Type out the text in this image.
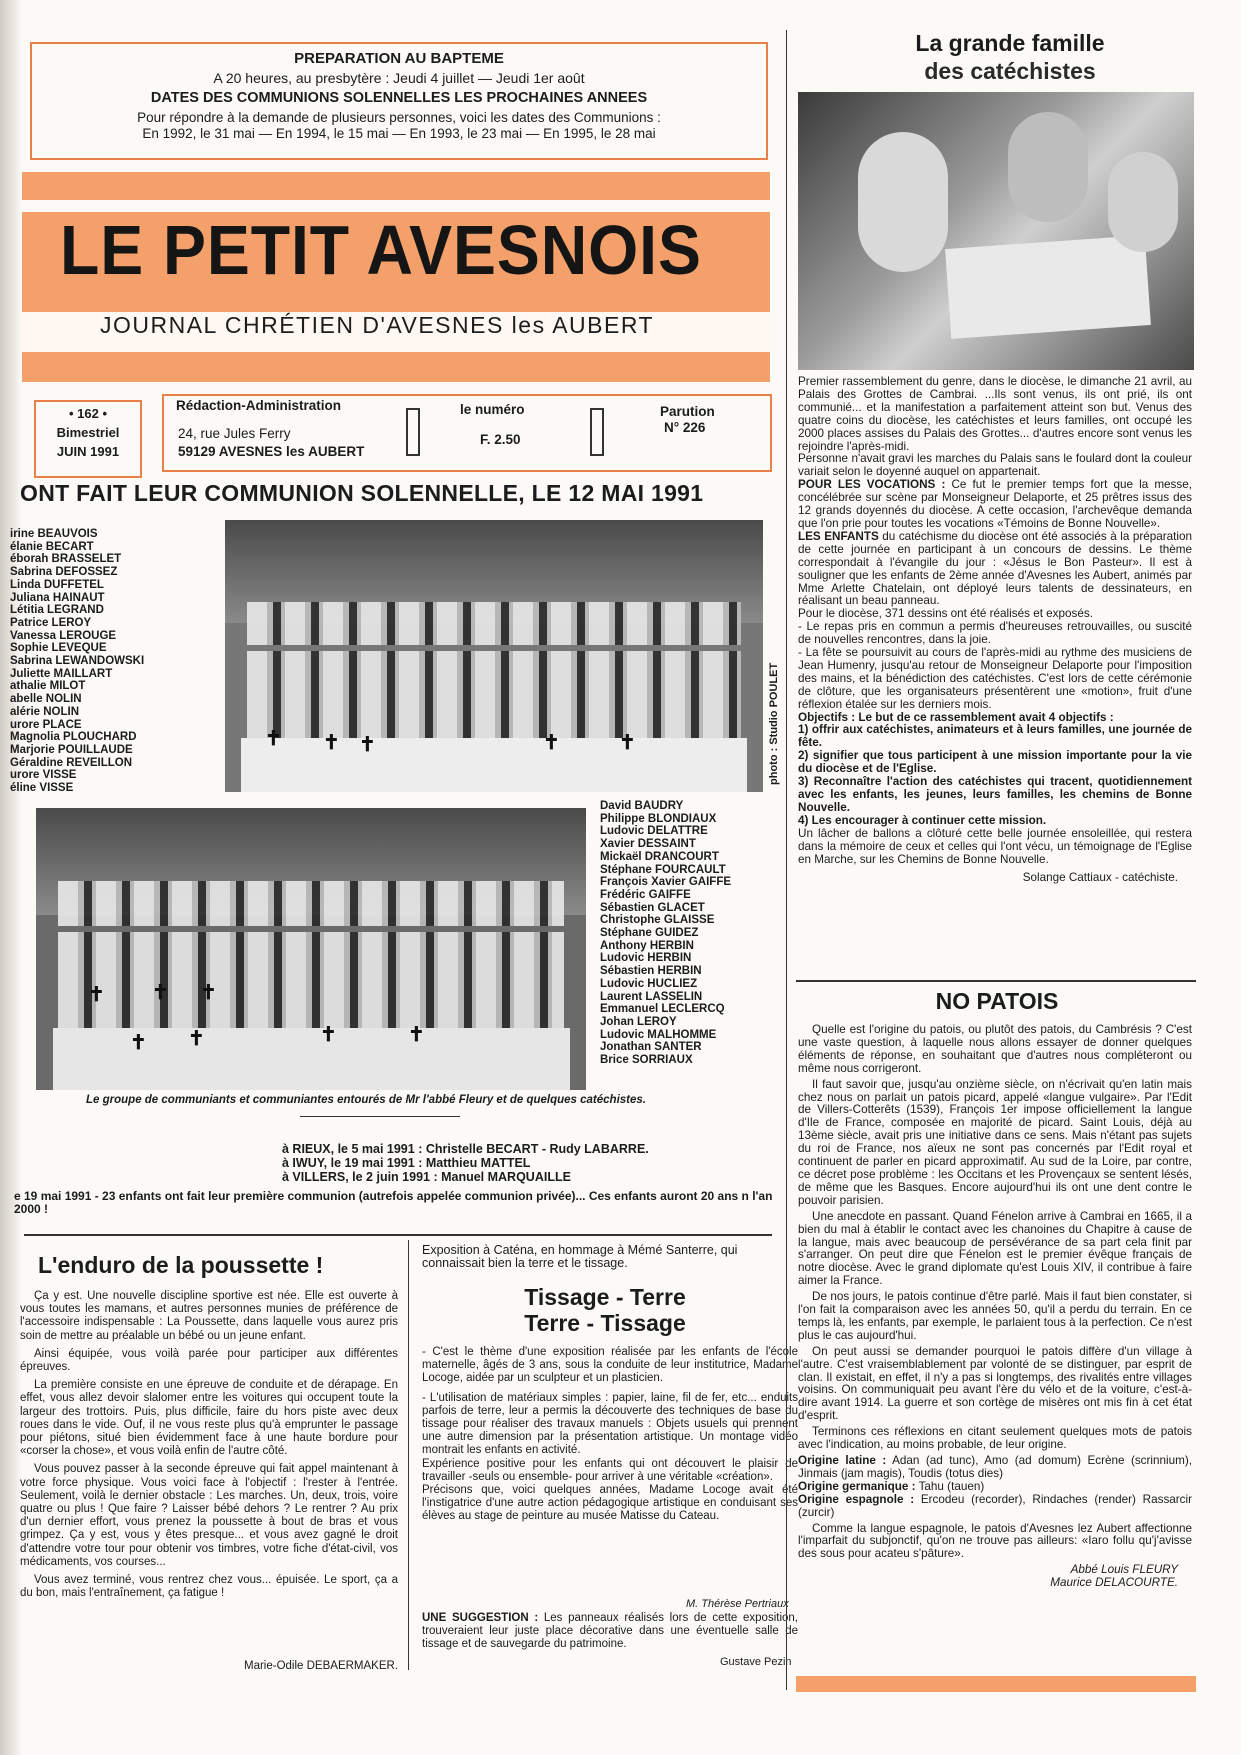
PREPARATION AU BAPTEME
A 20 heures, au presbytère : Jeudi 4 juillet — Jeudi 1er août
DATES DES COMMUNIONS SOLENNELLES LES PROCHAINES ANNEES
Pour répondre à la demande de plusieurs personnes, voici les dates des Communions :
En 1992, le 31 mai — En 1994, le 15 mai — En 1993, le 23 mai — En 1995, le 28 mai
LE PETIT AVESNOIS
JOURNAL CHRÉTIEN D'AVESNES les AUBERT
• 162 •
Bimestriel
JUIN 1991
Rédaction-Administration
24, rue Jules Ferry
59129 AVESNES les AUBERT
le numéro
F. 2.50
Parution
N° 226
ONT FAIT LEUR COMMUNION SOLENNELLE, LE 12 MAI 1991
irine BEAUVOIS
élanie BECART
éborah BRASSELET
Sabrina DEFOSSEZ
Linda DUFFETEL
Juliana HAINAUT
Létitia LEGRAND
Patrice LEROY
Vanessa LEROUGE
Sophie LEVEQUE
Sabrina LEWANDOWSKI
Juliette MAILLART
athalie MILOT
abelle NOLIN
alérie NOLIN
urore PLACE
Magnolia PLOUCHARD
Marjorie POUILLAUDE
Géraldine REVEILLON
urore VISSE
éline VISSE
✝ ✝ ✝	✝	✝	photo : Studio POULET
✝ ✝ ✝
✝ ✝	✝	✝
David BAUDRY
Philippe BLONDIAUX
Ludovic DELATTRE
Xavier DESSAINT
Mickaël DRANCOURT
Stéphane FOURCAULT
François Xavier GAIFFE
Frédéric GAIFFE
Sébastien GLACET
Christophe GLAISSE
Stéphane GUIDEZ
Anthony HERBIN
Ludovic HERBIN
Sébastien HERBIN
Ludovic HUCLIEZ
Laurent LASSELIN
Emmanuel LECLERCQ
Johan LEROY
Ludovic MALHOMME
Jonathan SANTER
Brice SORRIAUX
Le groupe de communiants et communiantes entourés de Mr l'abbé Fleury et de quelques catéchistes.
à RIEUX, le 5 mai 1991 : Christelle BECART - Rudy LABARRE.
à IWUY, le 19 mai 1991 : Matthieu MATTEL
à VILLERS, le 2 juin 1991 : Manuel MARQUAILLE
e 19 mai 1991 - 23 enfants ont fait leur première communion (autrefois appelée communion privée)... Ces enfants auront 20 ans n l'an 2000 !
L'enduro de la poussette !

Ça y est. Une nouvelle discipline sportive est née. Elle est ouverte à vous toutes les mamans, et autres personnes munies de préférence de l'accessoire indispensable : La Poussette, dans laquelle vous aurez pris soin de mettre au préalable un bébé ou un jeune enfant.

Ainsi équipée, vous voilà parée pour participer aux différentes épreuves.

La première consiste en une épreuve de conduite et de dérapage. En effet, vous allez devoir slalomer entre les voitures qui occupent toute la largeur des trottoirs. Puis, plus difficile, faire du hors piste avec deux roues dans le vide. Ouf, il ne vous reste plus qu'à emprunter le passage pour piétons, situé bien évidemment face à une haute bordure pour «corser la chose», et vous voilà enfin de l'autre côté.

Vous pouvez passer à la seconde épreuve qui fait appel maintenant à votre force physique. Vous voici face à l'objectif : l'rester à l'entrée. Seulement, voilà le dernier obstacle : Les marches. Un, deux, trois, voire quatre ou plus ! Que faire ? Laisser bébé dehors ? Le rentrer ? Au prix d'un dernier effort, vous prenez la poussette à bout de bras et vous grimpez. Ça y est, vous y êtes presque... et vous avez gagné le droit d'attendre votre tour pour obtenir vos timbres, votre fiche d'état-civil, vos médicaments, vos courses...

Vous avez terminé, vous rentrez chez vous... épuisée. Le sport, ça a du bon, mais l'entraînement, ça fatigue !

Marie-Odile DEBAERMAKER.
Exposition à Caténa, en hommage à Mémé Santerre, qui connaissait bien la terre et le tissage.
Tissage - Terre
Terre - Tissage

- C'est le thème d'une exposition réalisée par les enfants de l'école maternelle, âgés de 3 ans, sous la conduite de leur institutrice, Madame Locoge, aidée par un sculpteur et un plasticien.

- L'utilisation de matériaux simples : papier, laine, fil de fer, etc... enduits parfois de terre, leur a permis la découverte des techniques de base du tissage pour réaliser des travaux manuels : Objets usuels qui prennent une autre dimension par la présentation artistique. Un montage vidéo montrait les enfants en activité.

Expérience positive pour les enfants qui ont découvert le plaisir de travailler -seuls ou ensemble- pour arriver à une véritable «création».

Précisons que, voici quelques années, Madame Locoge avait été l'instigatrice d'une autre action pédagogique artistique en conduisant ses élèves au stage de peinture au musée Matisse du Cateau.

M. Thérèse Pertriaux
UNE SUGGESTION : Les panneaux réalisés lors de cette exposition, trouveraient leur juste place décorative dans une éventuelle salle de tissage et de sauvegarde du patrimoine.
Gustave Pezin
La grande famille
des catéchistes

Premier rassemblement du genre, dans le diocèse, le dimanche 21 avril, au Palais des Grottes de Cambrai. ...Ils sont venus, ils ont prié, ils ont communié... et la manifestation a parfaitement atteint son but. Venus des quatre coins du diocèse, les catéchistes et leurs familles, ont occupé les 2000 places assises du Palais des Grottes... d'autres encore sont venus les rejoindre l'après-midi.

Personne n'avait gravi les marches du Palais sans le foulard dont la couleur variait selon le doyenné auquel on appartenait.

POUR LES VOCATIONS : Ce fut le premier temps fort que la messe, concélébrée sur scène par Monseigneur Delaporte, et 25 prêtres issus des 12 grands doyennés du diocèse. A cette occasion, l'archevêque demanda que l'on prie pour toutes les vocations «Témoins de Bonne Nouvelle».

LES ENFANTS du catéchisme du diocèse ont été associés à la préparation de cette journée en participant à un concours de dessins. Le thème correspondait à l'évangile du jour : «Jésus le Bon Pasteur». Il est à souligner que les enfants de 2ème année d'Avesnes les Aubert, animés par Mme Arlette Chatelain, ont déployé leurs talents de dessinateurs, en réalisant un beau panneau.

Pour le diocèse, 371 dessins ont été réalisés et exposés.

- Le repas pris en commun a permis d'heureuses retrouvailles, ou suscité de nouvelles rencontres, dans la joie.

- La fête se poursuivit au cours de l'après-midi au rythme des musiciens de Jean Humenry, jusqu'au retour de Monseigneur Delaporte pour l'imposition des mains, et la bénédiction des catéchistes. C'est lors de cette cérémonie de clôture, que les organisateurs présentèrent une «motion», fruit d'une réflexion étalée sur les derniers mois.

Objectifs : Le but de ce rassemblement avait 4 objectifs :

1) offrir aux catéchistes, animateurs et à leurs familles, une journée de fête.

2) signifier que tous participent à une mission importante pour la vie du diocèse et de l'Eglise.

3) Reconnaître l'action des catéchistes qui tracent, quotidiennement avec les enfants, les jeunes, leurs familles, les chemins de Bonne Nouvelle.

4) Les encourager à continuer cette mission.

Un lâcher de ballons a clôturé cette belle journée ensoleillée, qui restera dans la mémoire de ceux et celles qui l'ont vécu, un témoignage de l'Eglise en Marche, sur les Chemins de Bonne Nouvelle.

Solange Cattiaux - catéchiste.

NO PATOIS

Quelle est l'origine du patois, ou plutôt des patois, du Cambrésis ? C'est une vaste question, à laquelle nous allons essayer de donner quelques éléments de réponse, en souhaitant que d'autres nous compléteront ou même nous corrigeront.

Il faut savoir que, jusqu'au onzième siècle, on n'écrivait qu'en latin mais chez nous on parlait un patois picard, appelé «langue vulgaire». Par l'Edit de Villers-Cotterêts (1539), François 1er impose officiellement la langue d'Ile de France, composée en majorité de picard. Saint Louis, déjà au 13ème siècle, avait pris une initiative dans ce sens. Mais n'étant pas sujets du roi de France, nos aïeux ne sont pas concernés par l'Edit royal et continuent de parler en picard approximatif. Au sud de la Loire, par contre, ce décret pose problème : les Occitans et les Provençaux se sentent lésés, de même que les Basques. Encore aujourd'hui ils ont une dent contre le pouvoir parisien.

Une anecdote en passant. Quand Fénelon arrive à Cambrai en 1665, il a bien du mal à établir le contact avec les chanoines du Chapitre à cause de la langue, mais avec beaucoup de persévérance de sa part cela finit par s'arranger. On peut dire que Fénelon est le premier évêque français de notre diocèse. Avec le grand diplomate qu'est Louis XIV, il contribue à faire aimer la France.

De nos jours, le patois continue d'être parlé. Mais il faut bien constater, si l'on fait la comparaison avec les années 50, qu'il a perdu du terrain. En ce temps là, les enfants, par exemple, le parlaient tous à la perfection. Ce n'est plus le cas aujourd'hui.

On peut aussi se demander pourquoi le patois diffère d'un village à l'autre. C'est vraisemblablement par volonté de se distinguer, par esprit de clan. Il existait, en effet, il n'y a pas si longtemps, des rivalités entre villages voisins. On communiquait peu avant l'ère du vélo et de la voiture, c'est-à-dire avant 1914. La guerre et son cortège de misères ont mis fin à cet état d'esprit.

Terminons ces réflexions en citant seulement quelques mots de patois avec l'indication, au moins probable, de leur origine.

Origine latine : Adan (ad tunc), Amo (ad domum) Ecrène (scrinnium), Jinmais (jam magis), Toudis (totus dies)

Origine germanique : Tahu (tauen)

Origine espagnole : Ercodeu (recorder), Rindaches (render) Rassarcir (zurcir)

Comme la langue espagnole, le patois d'Avesnes lez Aubert affectionne l'imparfait du subjonctif, qu'on ne trouve pas ailleurs: «Iaro follu qu'j'avisse des sous pour acateu s'pâture».

Abbé Louis FLEURY

Maurice DELACOURTE.
